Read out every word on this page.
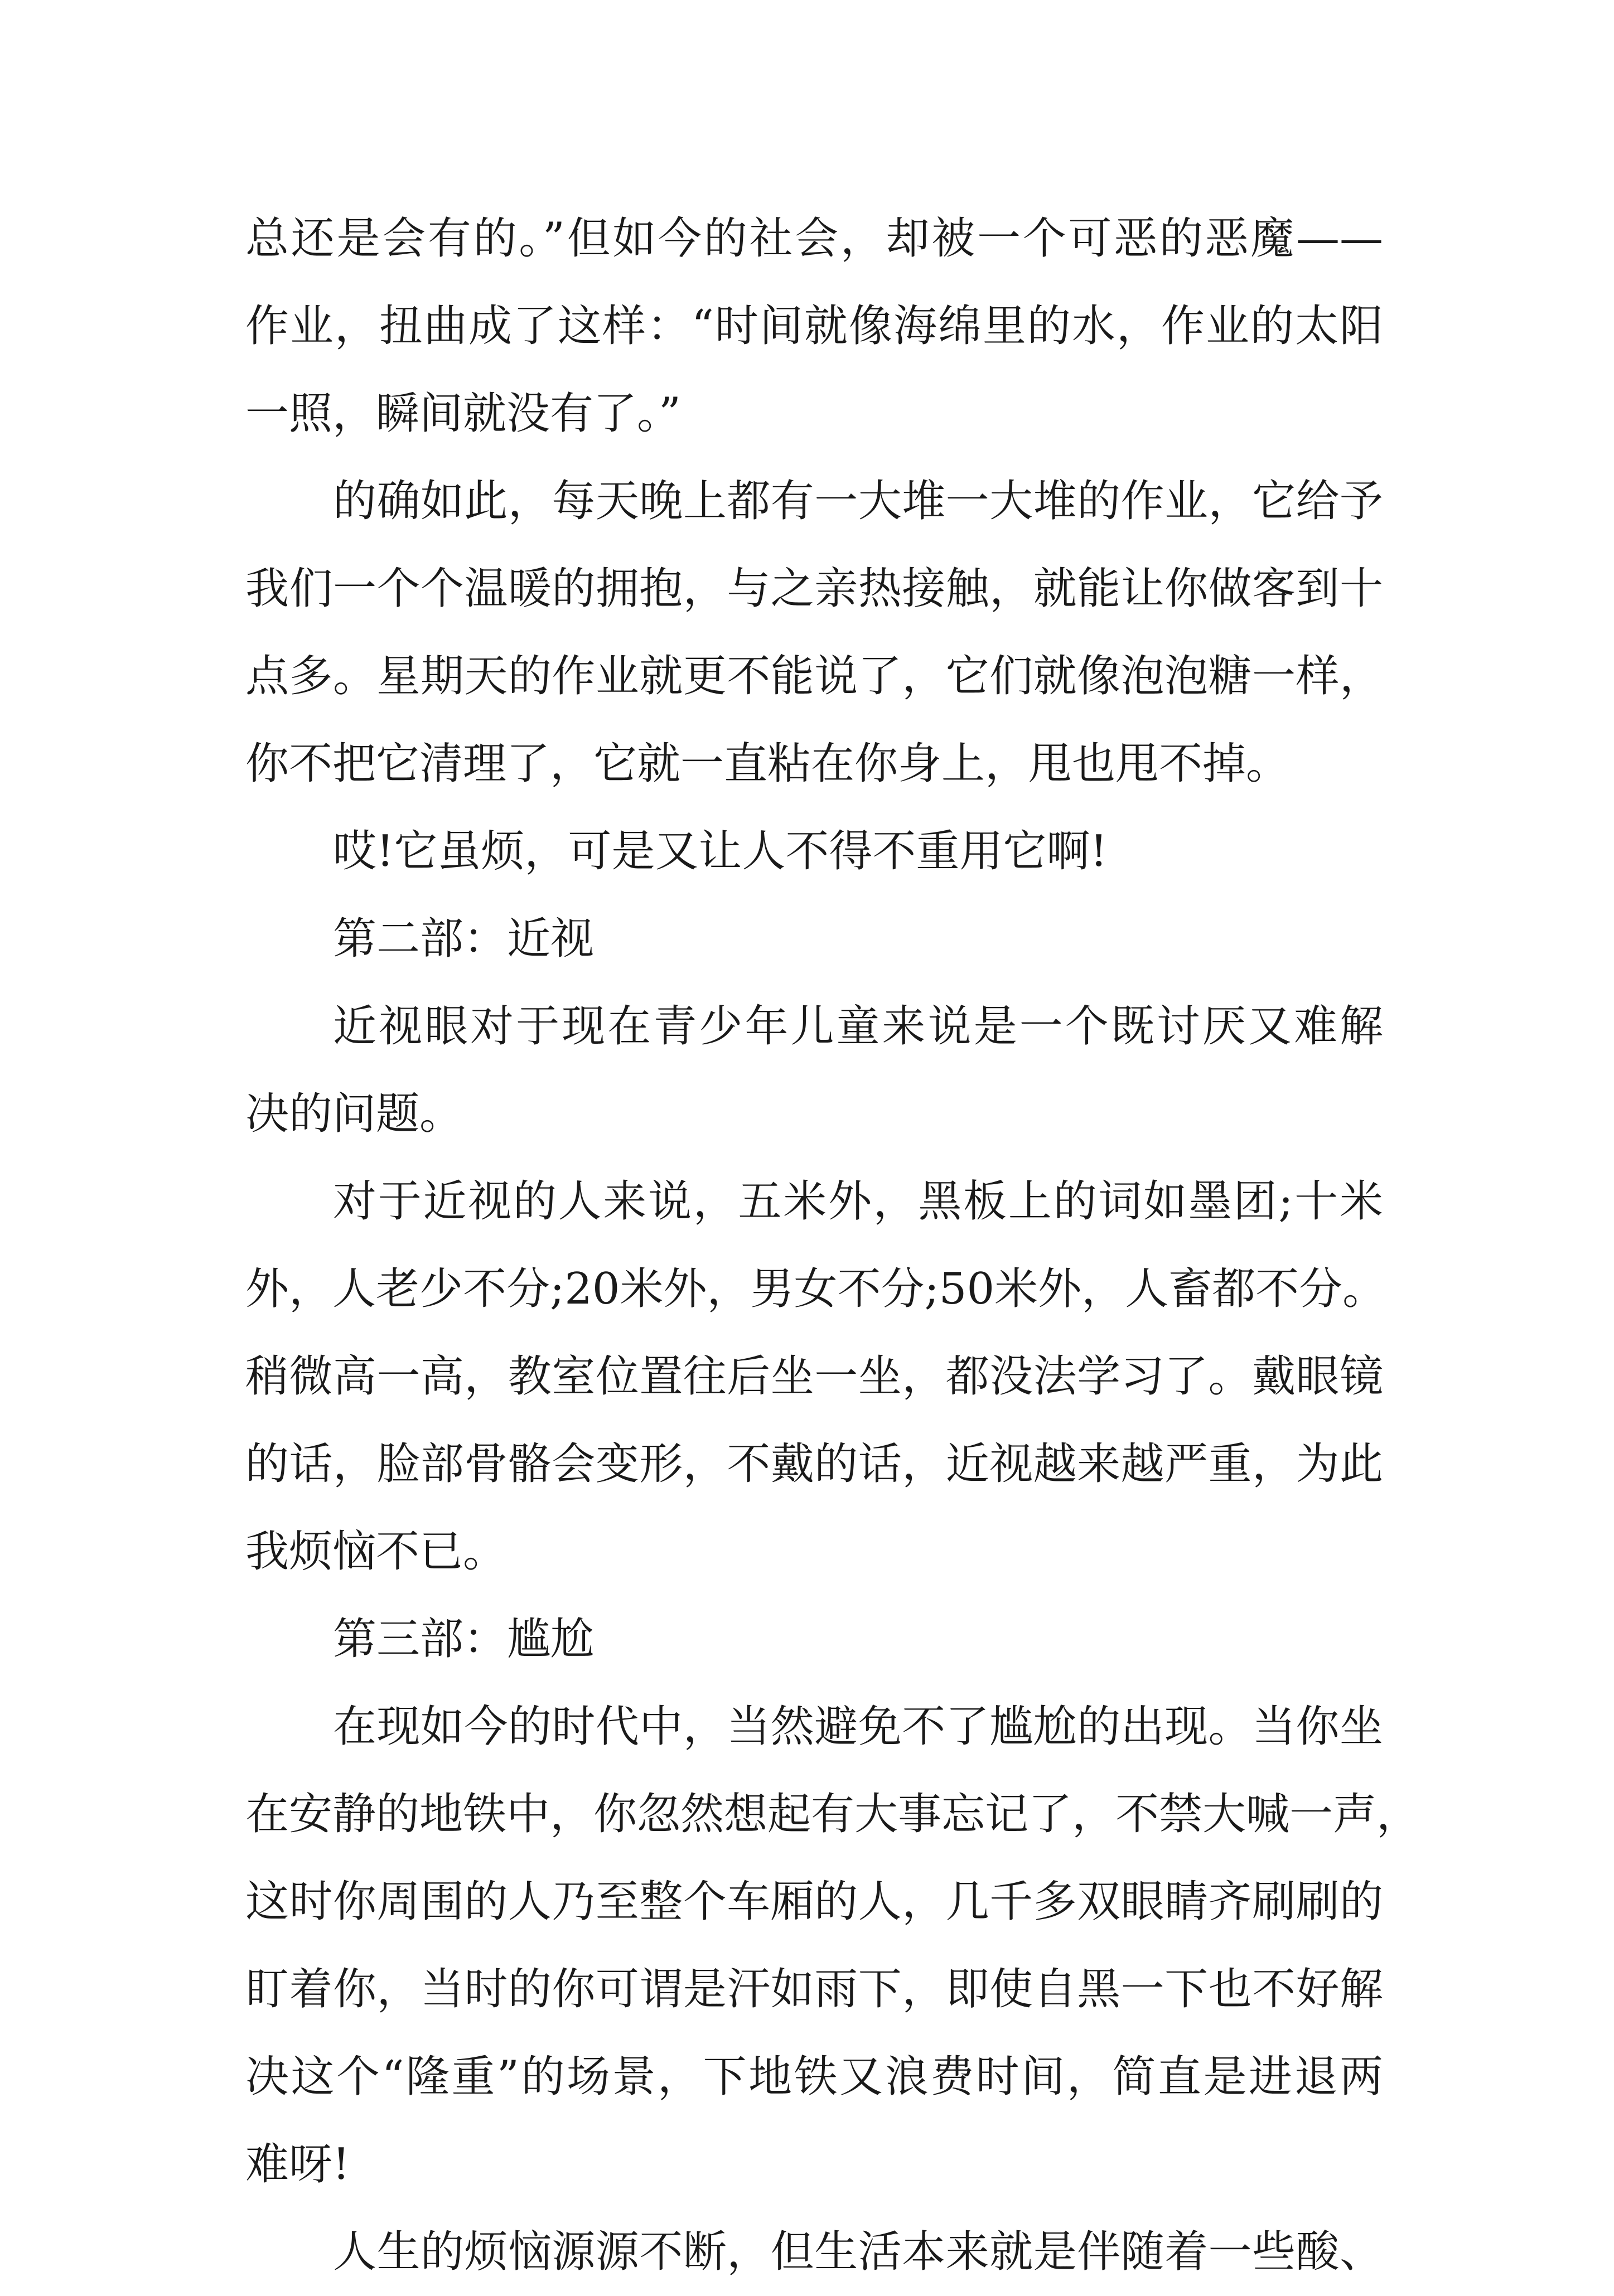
总还是会有的。”但如今的社会，却被一个可恶的恶魔——
作业，扭曲成了这样：“时间就像海绵里的水，作业的太阳
一照，瞬间就没有了。”
的确如此，每天晚上都有一大堆一大堆的作业，它给予
我们一个个温暖的拥抱，与之亲热接触，就能让你做客到十
点多。星期天的作业就更不能说了，它们就像泡泡糖一样，
你不把它清理了，它就一直粘在你身上，甩也甩不掉。
哎!它虽烦，可是又让人不得不重用它啊!
第二部：近视
近视眼对于现在青少年儿童来说是一个既讨厌又难解
决的问题。
对于近视的人来说，五米外，黑板上的词如墨团;十米
外，人老少不分;20米外，男女不分;50米外，人畜都不分。
稍微高一高，教室位置往后坐一坐，都没法学习了。戴眼镜
的话，脸部骨骼会变形，不戴的话，近视越来越严重，为此
我烦恼不已。
第三部：尴尬
在现如今的时代中，当然避免不了尴尬的出现。当你坐
在安静的地铁中，你忽然想起有大事忘记了，不禁大喊一声，
这时你周围的人乃至整个车厢的人，几千多双眼睛齐刷刷的
盯着你，当时的你可谓是汗如雨下，即使自黑一下也不好解
决这个“隆重”的场景，下地铁又浪费时间，简直是进退两
难呀!
人生的烦恼源源不断，但生活本来就是伴随着一些酸、
